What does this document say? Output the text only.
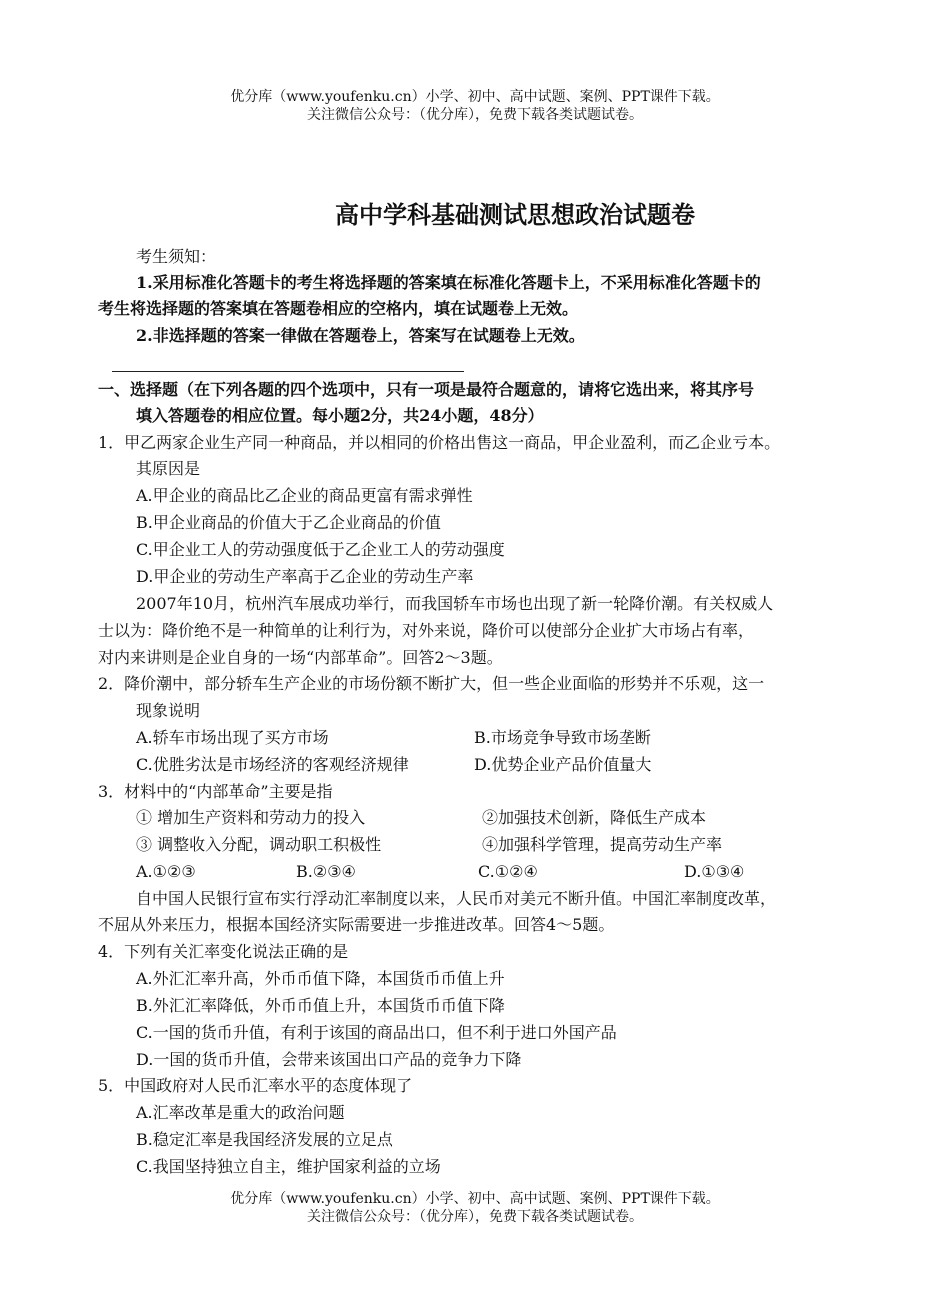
优分库（www.youfenku.cn）小学、初中、高中试题、案例、PPT课件下载。
关注微信公众号：（优分库），免费下载各类试题试卷。
高中学科基础测试思想政治试题卷
考生须知：
1.采用标准化答题卡的考生将选择题的答案填在标准化答题卡上，不采用标准化答题卡的
考生将选择题的答案填在答题卷相应的空格内，填在试题卷上无效。
2.非选择题的答案一律做在答题卷上，答案写在试题卷上无效。
一、选择题（在下列各题的四个选项中，只有一项是最符合题意的，请将它选出来，将其序号
填入答题卷的相应位置。每小题2分，共24小题，48分）
1．甲乙两家企业生产同一种商品，并以相同的价格出售这一商品，甲企业盈利，而乙企业亏本。
其原因是
A.甲企业的商品比乙企业的商品更富有需求弹性
B.甲企业商品的价值大于乙企业商品的价值
C.甲企业工人的劳动强度低于乙企业工人的劳动强度
D.甲企业的劳动生产率高于乙企业的劳动生产率
2007年10月，杭州汽车展成功举行，而我国轿车市场也出现了新一轮降价潮。有关权威人
士以为：降价绝不是一种简单的让利行为，对外来说，降价可以使部分企业扩大市场占有率，
对内来讲则是企业自身的一场“内部革命”。回答2～3题。
2．降价潮中，部分轿车生产企业的市场份额不断扩大，但一些企业面临的形势并不乐观，这一
现象说明
A.轿车市场出现了买方市场	B.市场竞争导致市场垄断
C.优胜劣汰是市场经济的客观经济规律	D.优势企业产品价值量大
3．材料中的“内部革命”主要是指
① 增加生产资料和劳动力的投入	②加强技术创新，降低生产成本
③ 调整收入分配，调动职工积极性	④加强科学管理，提高劳动生产率
A.①②③	B.②③④	C.①②④	D.①③④
自中国人民银行宣布实行浮动汇率制度以来，人民币对美元不断升值。中国汇率制度改革，
不屈从外来压力，根据本国经济实际需要进一步推进改革。回答4～5题。
4．下列有关汇率变化说法正确的是
A.外汇汇率升高，外币币值下降，本国货币币值上升
B.外汇汇率降低，外币币值上升，本国货币币值下降
C.一国的货币升值，有利于该国的商品出口，但不利于进口外国产品
D.一国的货币升值，会带来该国出口产品的竞争力下降
5．中国政府对人民币汇率水平的态度体现了
A.汇率改革是重大的政治问题
B.稳定汇率是我国经济发展的立足点
C.我国坚持独立自主，维护国家利益的立场
优分库（www.youfenku.cn）小学、初中、高中试题、案例、PPT课件下载。
关注微信公众号：（优分库），免费下载各类试题试卷。
